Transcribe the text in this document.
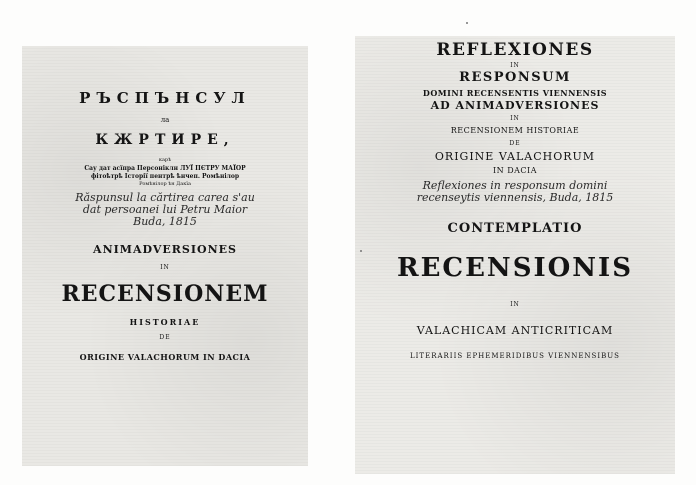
РЪСПЪНСУЛ
ла
КЖРТИРЕ,
карѣ
Сау дат асїпра Персоніклн ЛУЇ ПЄТРУ МАЇОР
фітоѣтрѣ Історії пентрѣ ѣнчеп. Ромѣнілор
Ромѣнілор ѣн Дакїа
Răspunsul la cărtirea carea s'au
dat persoanei lui Petru Maior
Buda, 1815
ANIMADVERSIONES
IN
RECENSIONEM
HISTORIAE
DE
ORIGINE VALACHORUM IN DACIA
REFLEXIONES
IN
RESPONSUM
DOMINI RECENSENTIS VIENNENSIS
AD ANIMADVERSIONES
IN
RECENSIONEM HISTORIAE
DE
ORIGINE VALACHORUM
IN DACIA
Reflexiones in responsum domini
recenseytis viennensis, Buda, 1815
CONTEMPLATIO
RECENSIONIS
IN
VALACHICAM ANTICRITICAM
LITERARIIS EPHEMERIDIBUS VIENNENSIBUS
